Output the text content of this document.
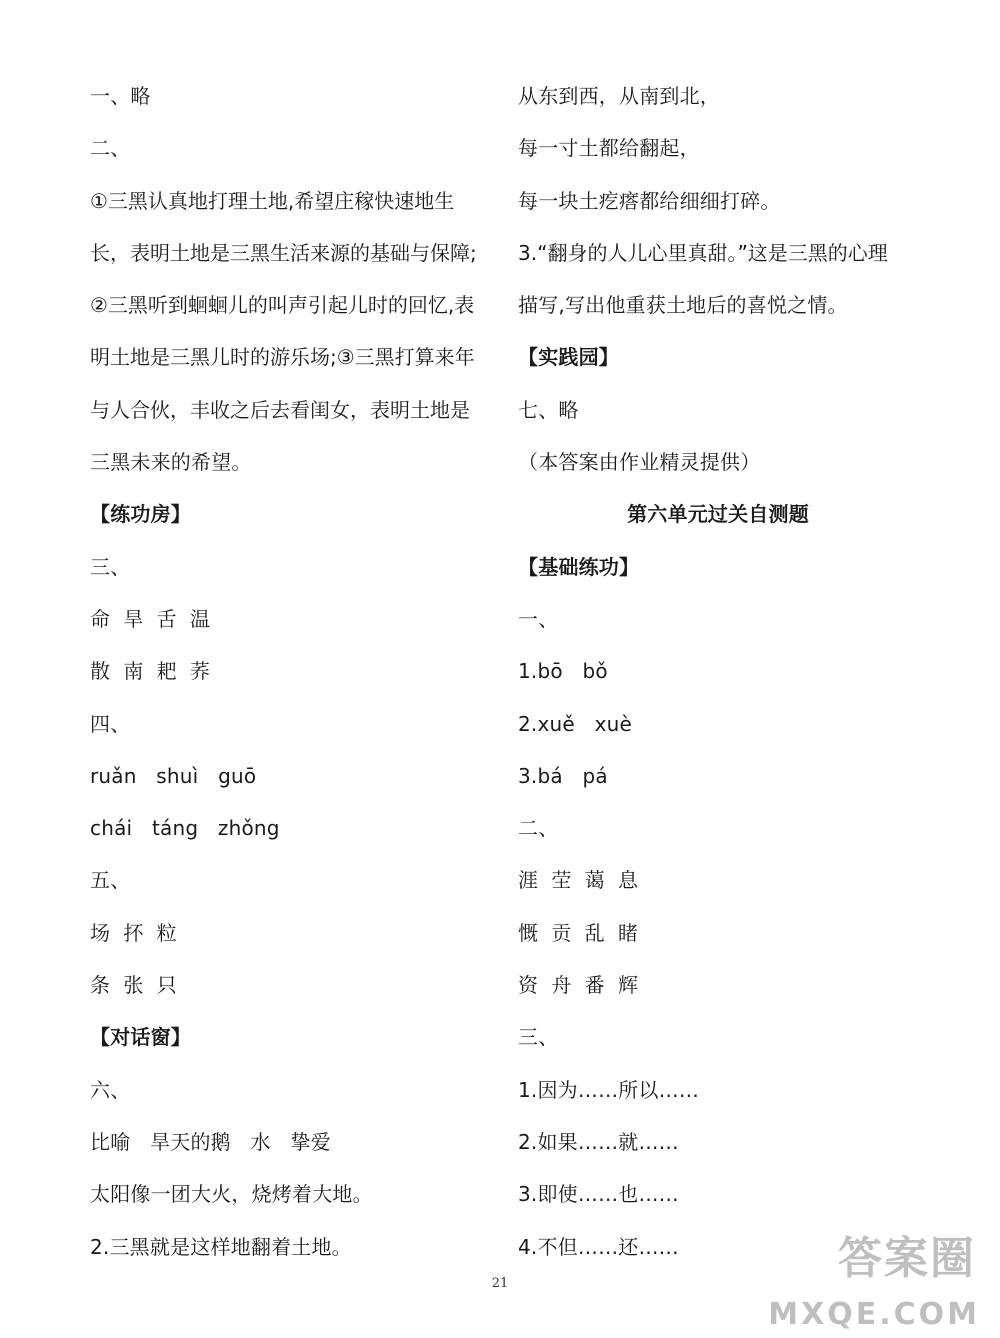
一、略
二、
①三黑认真地打理土地,希望庄稼快速地生
长，表明土地是三黑生活来源的基础与保障;
②三黑听到蛔蛔儿的叫声引起儿时的回忆,表
明土地是三黑儿时的游乐场;③三黑打算来年
与人合伙，丰收之后去看闺女，表明土地是
三黑未来的希望。
【练功房】
三、
命  旱  舌  温
散  南  耙  荞
四、
ruǎn   shuì   guō
chái   táng   zhǒng
五、
场  抔  粒
条  张  只
【对话窗】
六、
比喻   旱天的鹅   水   挚爱
太阳像一团大火，烧烤着大地。
2.三黑就是这样地翻着土地。
从东到西，从南到北，
每一寸土都给翻起，
每一块土疙瘩都给细细打碎。
3.“翻身的人儿心里真甜。”这是三黑的心理
描写,写出他重获土地后的喜悦之情。
【实践园】
七、略
（本答案由作业精灵提供）
第六单元过关自测题
【基础练功】
一、
1.bō   bǒ
2.xuě   xuè
3.bá   pá
二、
涯  茔  蔼  息
慨  贡  乱  睹
资  舟  番  辉
三、
1.因为……所以……
2.如果……就……
3.即使……也……
4.不但……还……
21	答案圈
MXQE.COM
